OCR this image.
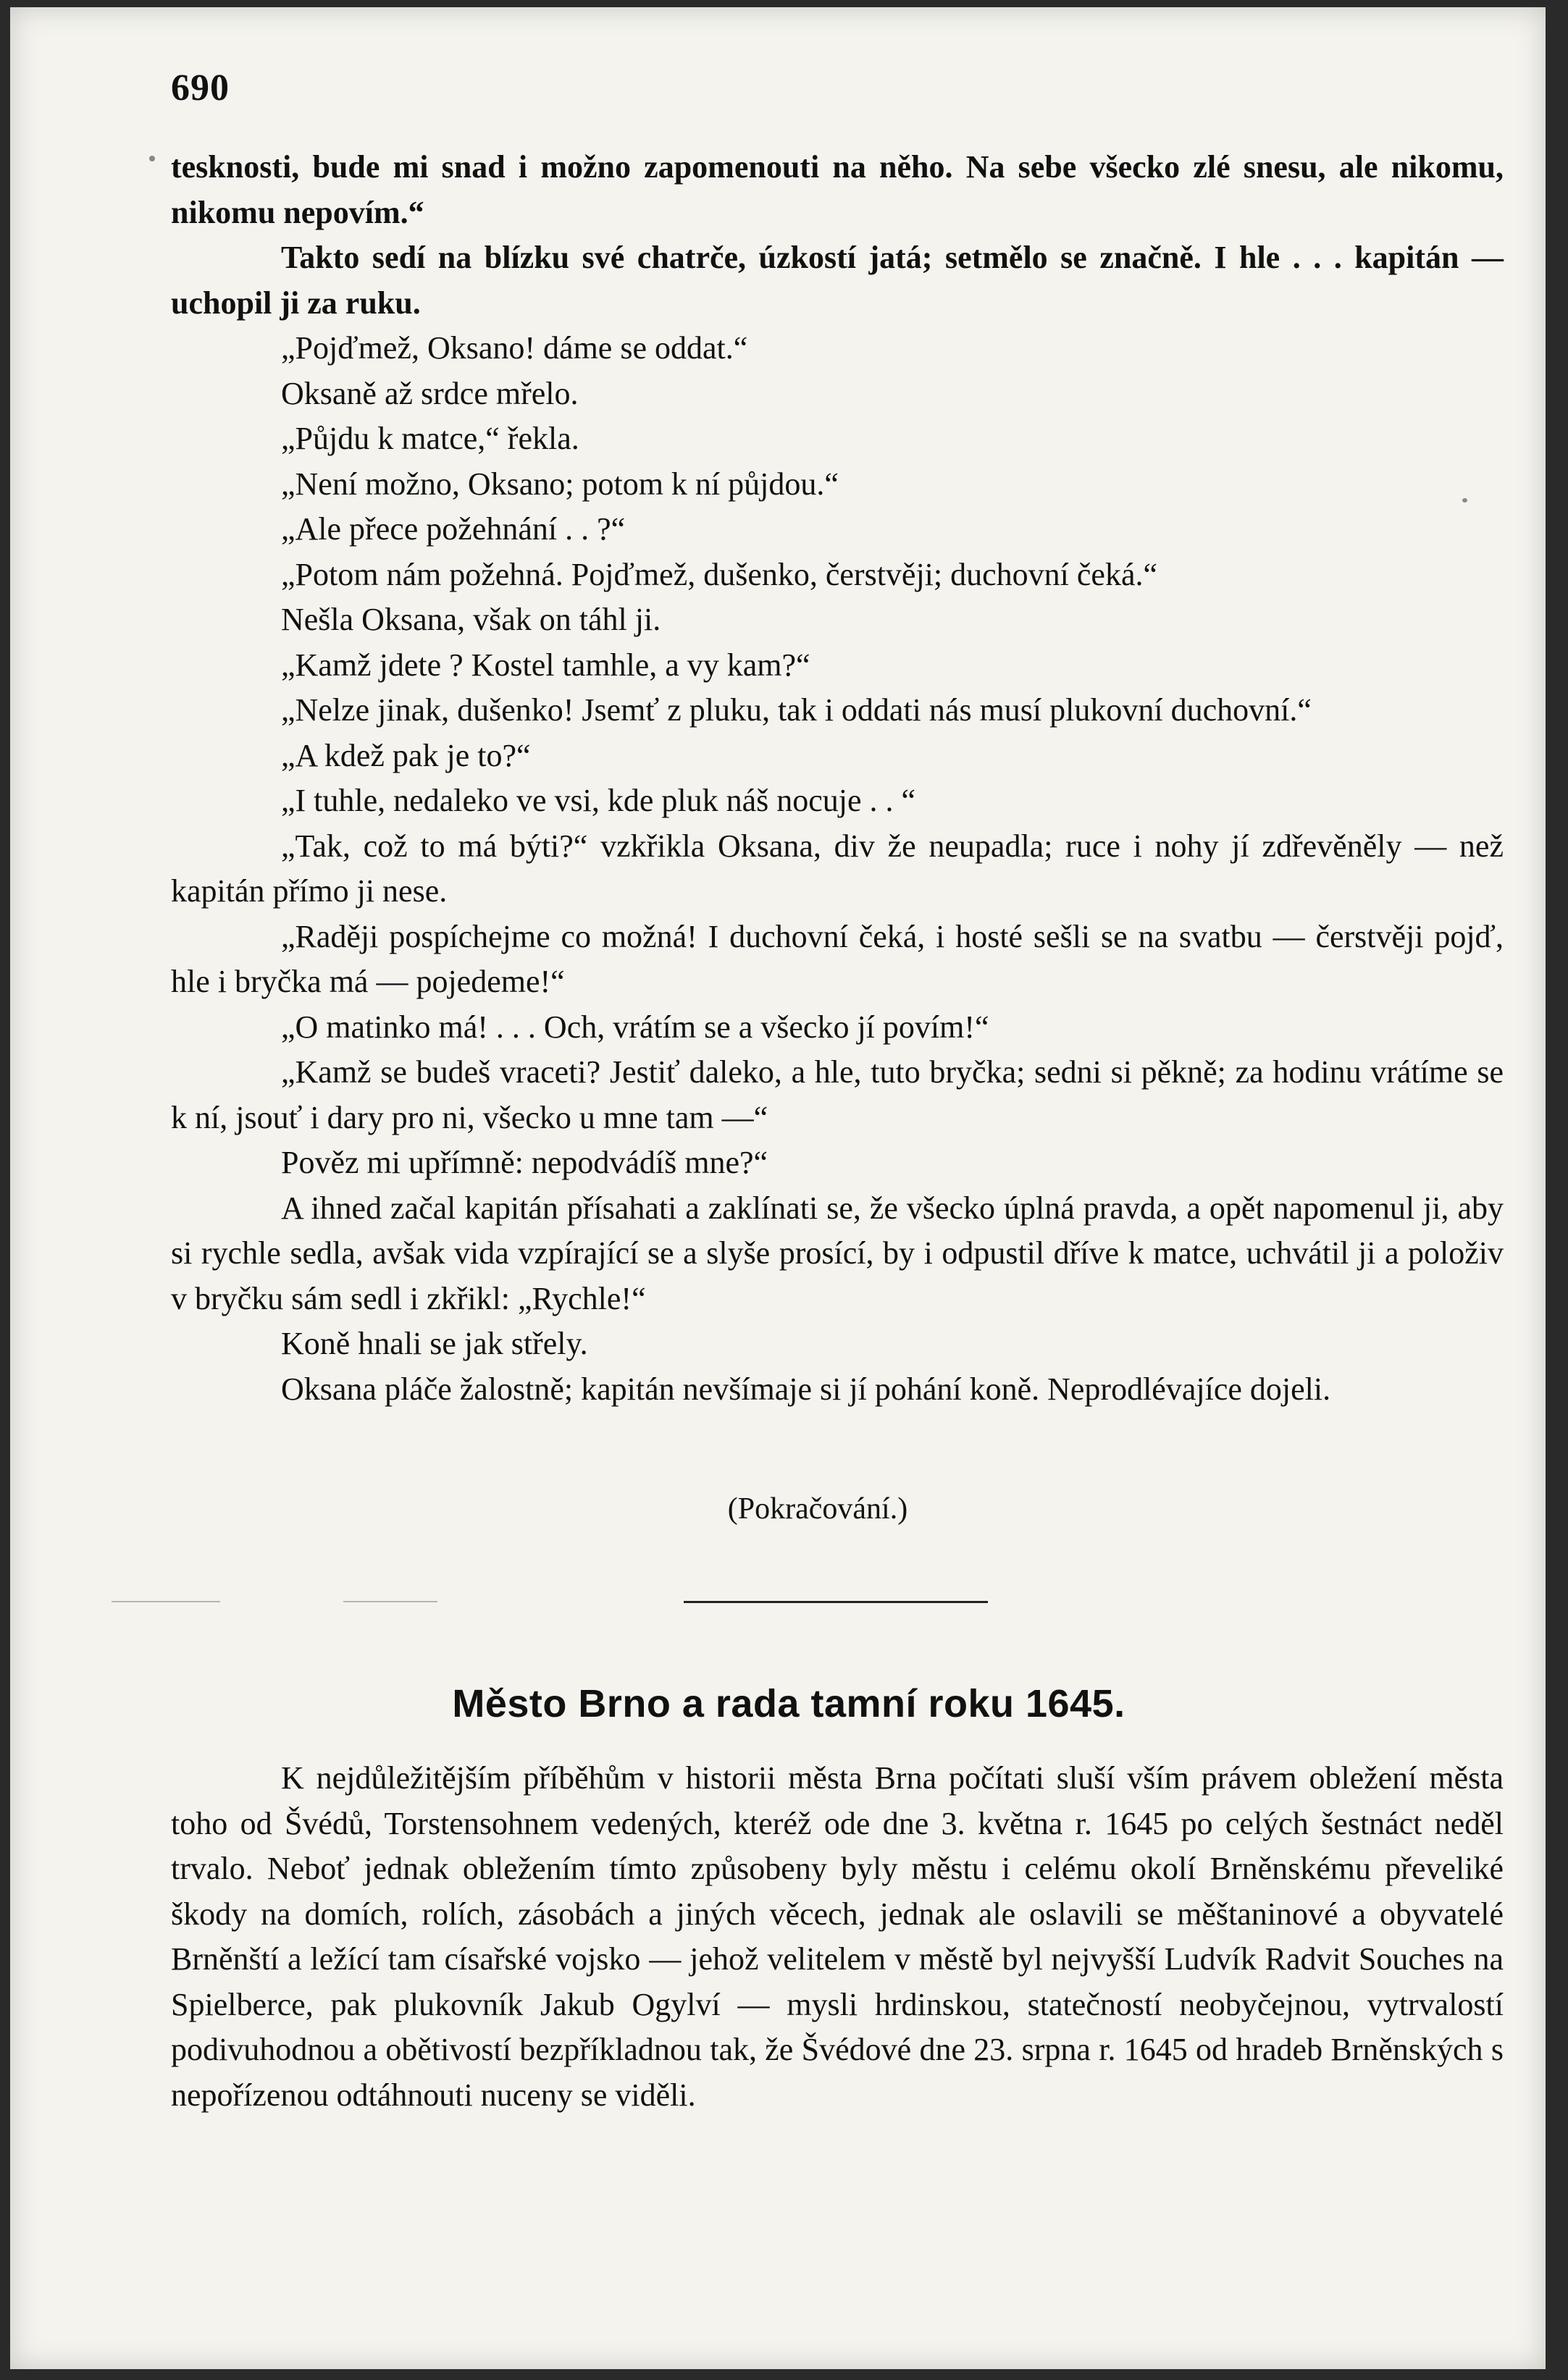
690

tesknosti, bude mi snad i možno zapomenouti na něho. Na sebe všecko zlé snesu, ale nikomu, nikomu nepovím.“

Takto sedí na blízku své chatrče, úzkostí jatá; setmělo se značně. I hle . . . kapitán — uchopil ji za ruku.

„Pojďmež, Oksano! dáme se oddat.“

Oksaně až srdce mřelo.

„Půjdu k matce,“ řekla.

„Není možno, Oksano; potom k ní půjdou.“

„Ale přece požehnání . . ?“

„Potom nám požehná. Pojďmež, dušenko, čerstvěji; duchovní čeká.“

Nešla Oksana, však on táhl ji.

„Kamž jdete ? Kostel tamhle, a vy kam?“

„Nelze jinak, dušenko! Jsemť z pluku, tak i oddati nás musí plukovní duchovní.“

„A kdež pak je to?“

„I tuhle, nedaleko ve vsi, kde pluk náš nocuje . . “

„Tak, což to má býti?“ vzkřikla Oksana, div že neupadla; ruce i nohy jí zdřevěněly — než kapitán přímo ji nese.

„Raději pospíchejme co možná! I duchovní čeká, i hosté sešli se na svatbu — čerstvěji pojď, hle i bryčka má — pojedeme!“

„O matinko má! . . . Och, vrátím se a všecko jí povím!“

„Kamž se budeš vraceti? Jestiť daleko, a hle, tuto bryčka; sedni si pěkně; za hodinu vrátíme se k ní, jsouť i dary pro ni, všecko u mne tam —“

Pověz mi upřímně: nepodvádíš mne?“

A ihned začal kapitán přísahati a zaklínati se, že všecko úplná pravda, a opět napomenul ji, aby si rychle sedla, avšak vida vzpírající se a slyše prosící, by i odpustil dříve k matce, uchvátil ji a položiv v bryčku sám sedl i zkřikl: „Rychle!“

Koně hnali se jak střely.

Oksana pláče žalostně; kapitán nevšímaje si jí pohání koně. Neprodlévajíce dojeli.

(Pokračování.)
Město Brno a rada tamní roku 1645.

K nejdůležitějším příběhům v historii města Brna počítati sluší vším právem obležení města toho od Švédů, Torstensohnem vedených, kteréž ode dne 3. května r. 1645 po celých šestnáct neděl trvalo. Neboť jednak obležením tímto způsobeny byly městu i celému okolí Brněnskému převeliké škody na domích, rolích, zásobách a jiných věcech, jednak ale oslavili se měštaninové a obyvatelé Brněnští a ležící tam císařské vojsko — jehož velitelem v městě byl nejvyšší Ludvík Radvit Souches na Spielberce, pak plukovník Jakub Ogylví — mysli hrdinskou, statečností neobyčejnou, vytrvalostí podivuhodnou a obětivostí bezpříkladnou tak, že Švédové dne 23. srpna r. 1645 od hradeb Brněnských s nepořízenou odtáhnouti nuceny se viděli.
